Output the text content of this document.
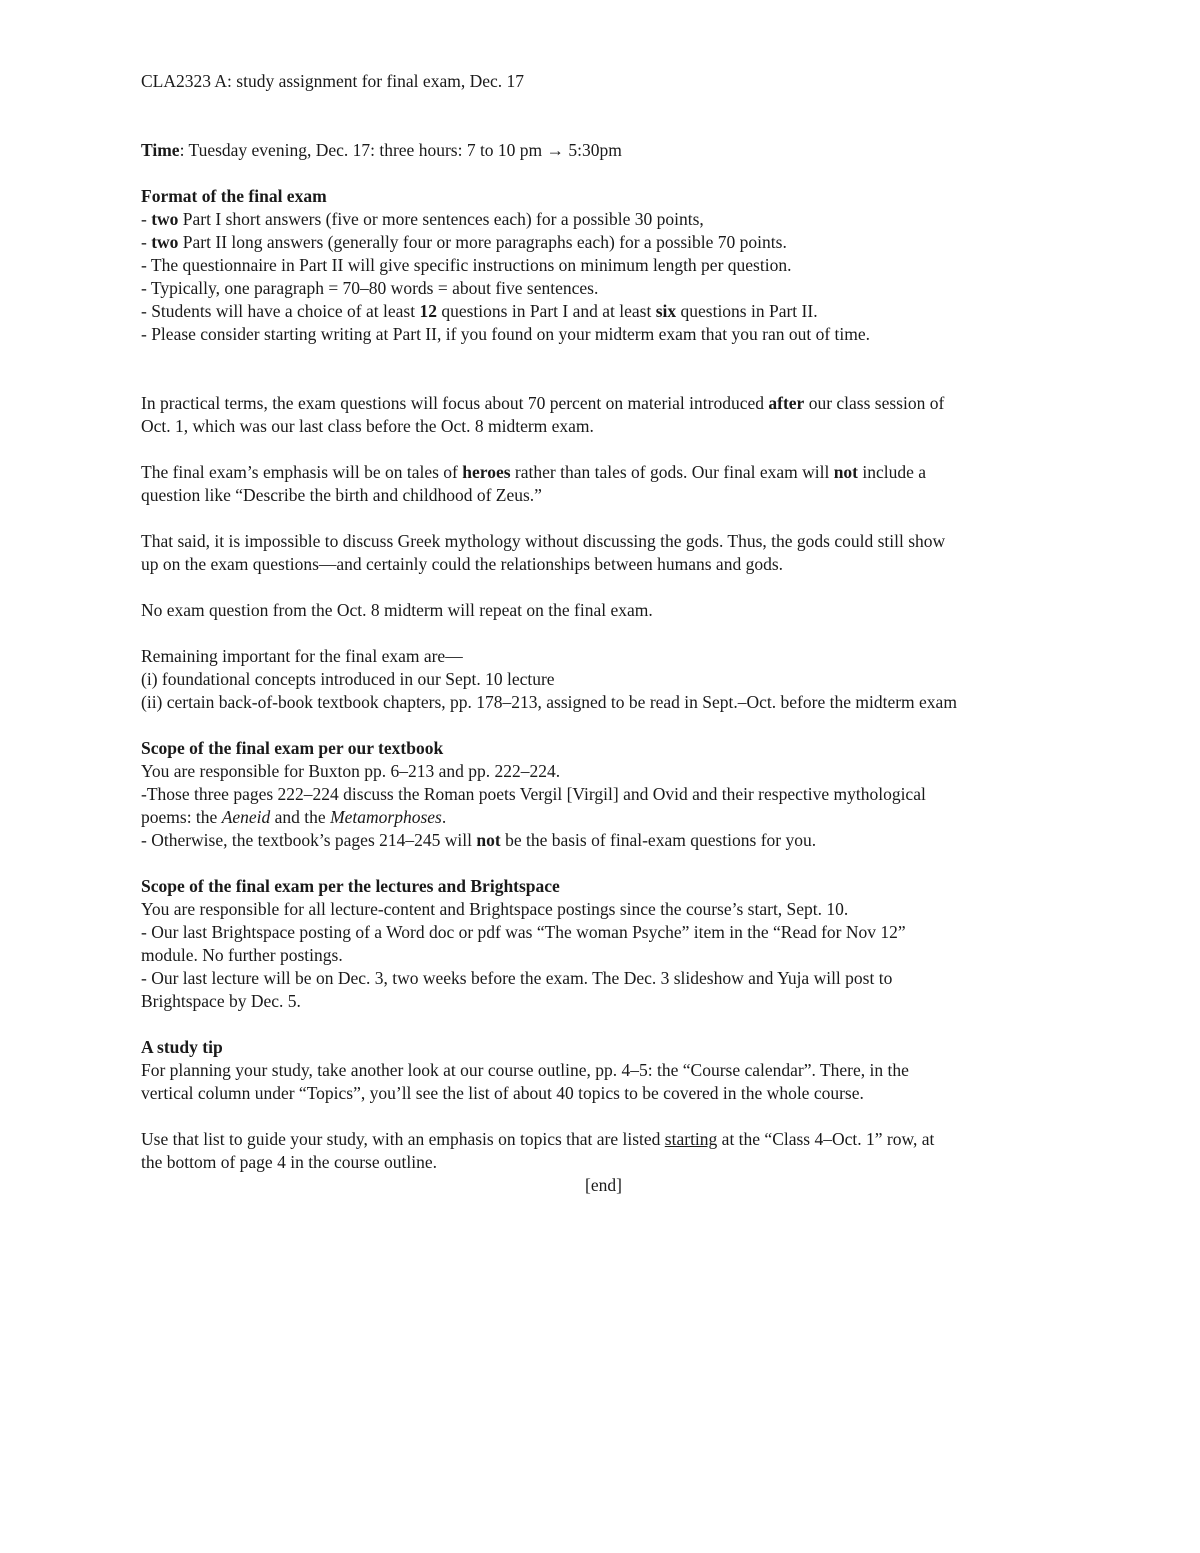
CLA2323 A: study assignment for final exam, Dec. 17
Time: Tuesday evening, Dec. 17: three hours: 7 to 10 pm → 5:30pm
Format of the final exam
- two Part I short answers (five or more sentences each) for a possible 30 points,
- two Part II long answers (generally four or more paragraphs each) for a possible 70 points.
- The questionnaire in Part II will give specific instructions on minimum length per question.
- Typically, one paragraph = 70–80 words = about five sentences.
- Students will have a choice of at least 12 questions in Part I and at least six questions in Part II.
- Please consider starting writing at Part II, if you found on your midterm exam that you ran out of time.
In practical terms, the exam questions will focus about 70 percent on material introduced after our class session of
Oct. 1, which was our last class before the Oct. 8 midterm exam.
The final exam’s emphasis will be on tales of heroes rather than tales of gods. Our final exam will not include a
question like “Describe the birth and childhood of Zeus.”
That said, it is impossible to discuss Greek mythology without discussing the gods. Thus, the gods could still show
up on the exam questions—and certainly could the relationships between humans and gods.
No exam question from the Oct. 8 midterm will repeat on the final exam.
Remaining important for the final exam are—
(i) foundational concepts introduced in our Sept. 10 lecture
(ii) certain back-of-book textbook chapters, pp. 178–213, assigned to be read in Sept.–Oct. before the midterm exam
Scope of the final exam per our textbook
You are responsible for Buxton pp. 6–213 and pp. 222–224.
-Those three pages 222–224 discuss the Roman poets Vergil [Virgil] and Ovid and their respective mythological
poems: the Aeneid and the Metamorphoses.
- Otherwise, the textbook’s pages 214–245 will not be the basis of final-exam questions for you.
Scope of the final exam per the lectures and Brightspace
You are responsible for all lecture-content and Brightspace postings since the course’s start, Sept. 10.
- Our last Brightspace posting of a Word doc or pdf was “The woman Psyche” item in the “Read for Nov 12”
module. No further postings.
- Our last lecture will be on Dec. 3, two weeks before the exam. The Dec. 3 slideshow and Yuja will post to
Brightspace by Dec. 5.
A study tip
For planning your study, take another look at our course outline, pp. 4–5: the “Course calendar”. There, in the
vertical column under “Topics”, you’ll see the list of about 40 topics to be covered in the whole course.
Use that list to guide your study, with an emphasis on topics that are listed starting at the “Class 4–Oct. 1” row, at
the bottom of page 4 in the course outline.
[end]
